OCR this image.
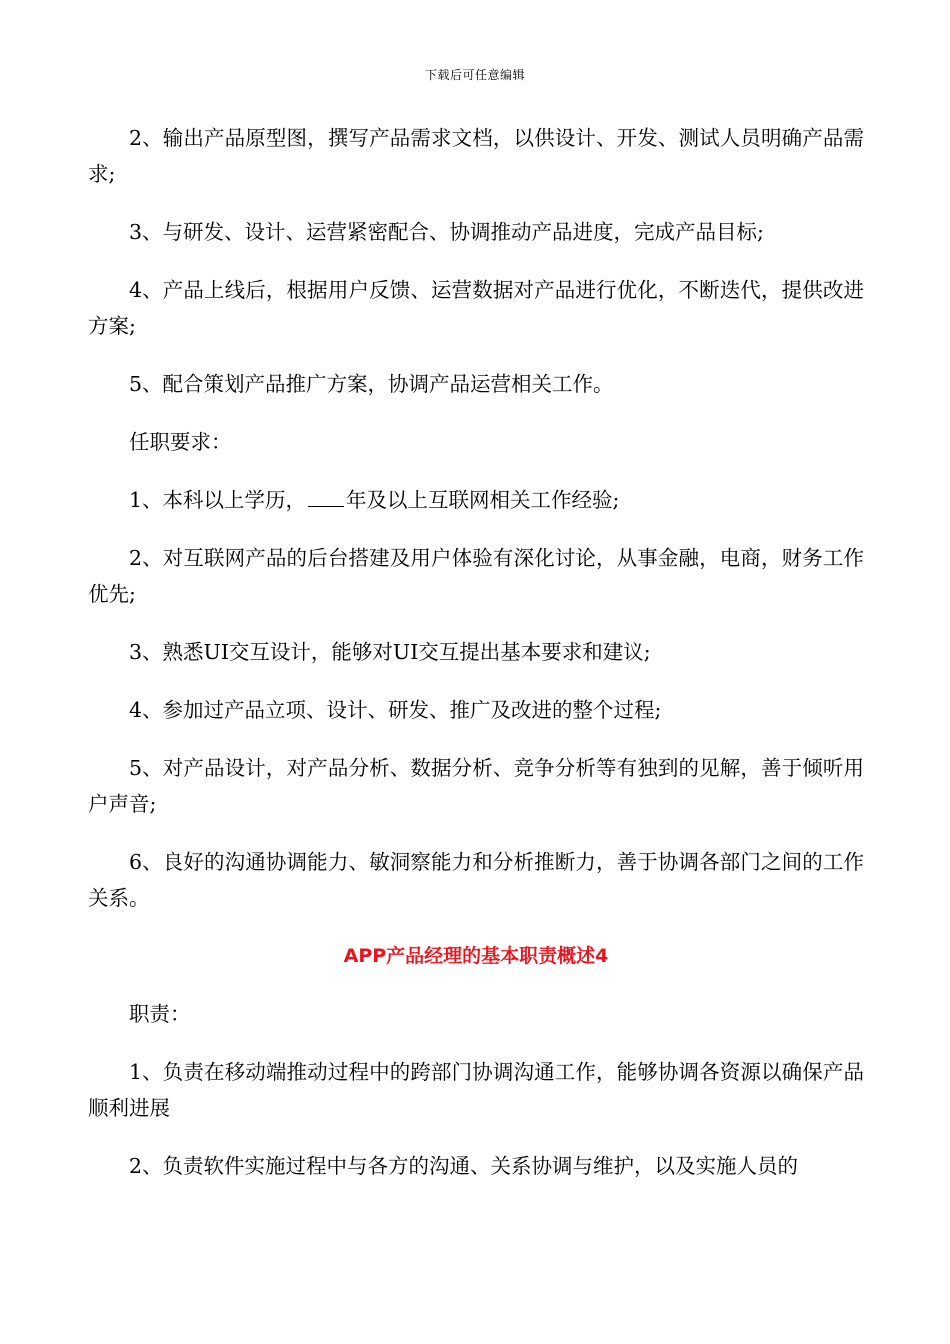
下载后可任意编辑

2、输出产品原型图，撰写产品需求文档，以供设计、开发、测试人员明确产品需求;

3、与研发、设计、运营紧密配合、协调推动产品进度，完成产品目标;

4、产品上线后，根据用户反馈、运营数据对产品进行优化，不断迭代，提供改进方案;

5、配合策划产品推广方案，协调产品运营相关工作。

任职要求：

1、本科以上学历， 年及以上互联网相关工作经验;

2、对互联网产品的后台搭建及用户体验有深化讨论，从事金融，电商，财务工作优先;

3、熟悉UI交互设计，能够对UI交互提出基本要求和建议;

4、参加过产品立项、设计、研发、推广及改进的整个过程;

5、对产品设计，对产品分析、数据分析、竞争分析等有独到的见解，善于倾听用户声音;

6、良好的沟通协调能力、敏洞察能力和分析推断力，善于协调各部门之间的工作关系。

APP产品经理的基本职责概述4

职责：

1、负责在移动端推动过程中的跨部门协调沟通工作，能够协调各资源以确保产品顺利进展

2、负责软件实施过程中与各方的沟通、关系协调与维护，以及实施人员的
